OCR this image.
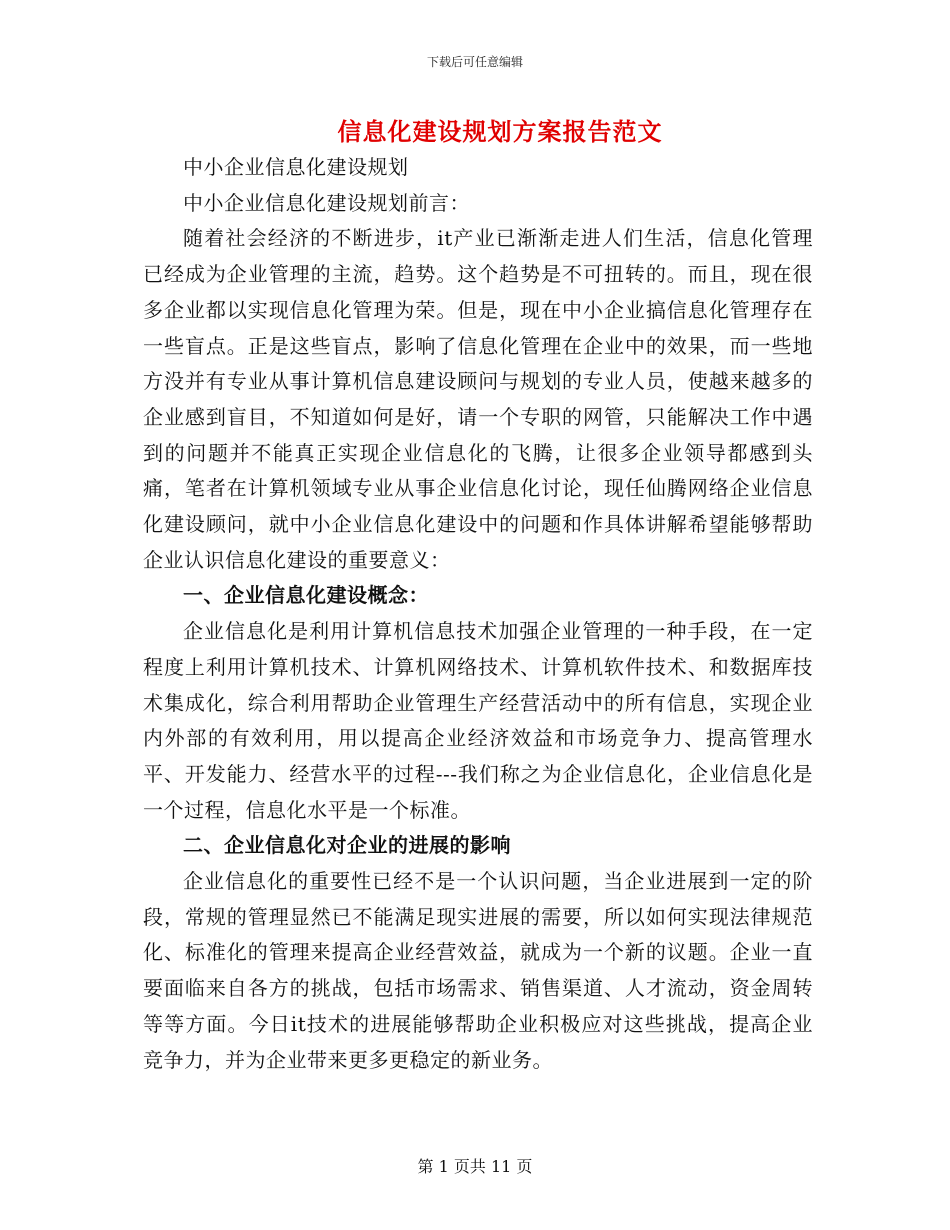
下载后可任意编辑
信息化建设规划方案报告范文

中小企业信息化建设规划

中小企业信息化建设规划前言：

随着社会经济的不断进步，it产业已渐渐走进人们生活，信息化管理已经成为企业管理的主流，趋势。这个趋势是不可扭转的。而且，现在很多企业都以实现信息化管理为荣。但是，现在中小企业搞信息化管理存在一些盲点。正是这些盲点，影响了信息化管理在企业中的效果，而一些地方没并有专业从事计算机信息建设顾问与规划的专业人员，使越来越多的企业感到盲目，不知道如何是好，请一个专职的网管，只能解决工作中遇到的问题并不能真正实现企业信息化的飞腾，让很多企业领导都感到头痛，笔者在计算机领域专业从事企业信息化讨论，现任仙腾网络企业信息化建设顾问，就中小企业信息化建设中的问题和作具体讲解希望能够帮助企业认识信息化建设的重要意义：

一、企业信息化建设概念：

企业信息化是利用计算机信息技术加强企业管理的一种手段，在一定程度上利用计算机技术、计算机网络技术、计算机软件技术、和数据库技术集成化，综合利用帮助企业管理生产经营活动中的所有信息，实现企业内外部的有效利用，用以提高企业经济效益和市场竞争力、提高管理水平、开发能力、经营水平的过程---我们称之为企业信息化，企业信息化是一个过程，信息化水平是一个标准。

二、企业信息化对企业的进展的影响

企业信息化的重要性已经不是一个认识问题，当企业进展到一定的阶段，常规的管理显然已不能满足现实进展的需要，所以如何实现法律规范化、标准化的管理来提高企业经营效益，就成为一个新的议题。企业一直要面临来自各方的挑战，包括市场需求、销售渠道、人才流动，资金周转等等方面。今日it技术的进展能够帮助企业积极应对这些挑战，提高企业竞争力，并为企业带来更多更稳定的新业务。

第 1 页共 11 页
